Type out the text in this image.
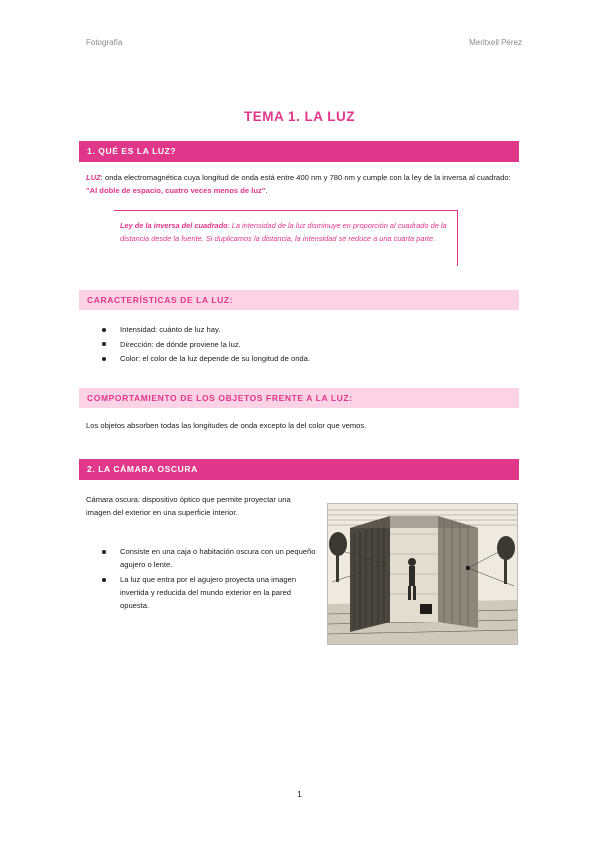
Fotografía	Meritxell Pérez
TEMA 1. LA LUZ
1. QUÉ ES LA LUZ?
LUZ: onda electromagnética cuya longitud de onda está entre 400 nm y 780 nm y cumple con la ley de la inversa al cuadrado: "Al doble de espacio, cuatro veces menos de luz".
Ley de la inversa del cuadrado: La intensidad de la luz disminuye en proporción al cuadrado de la distancia desde la fuente. Si duplicamos la distancia, la intensidad se reduce a una cuarta parte.
CARACTERÍSTICAS DE LA LUZ:
Intensidad: cuánto de luz hay.
Dirección: de dónde proviene la luz.
Color: el color de la luz depende de su longitud de onda.
COMPORTAMIENTO DE LOS OBJETOS FRENTE A LA LUZ:
Los objetos absorben todas las longitudes de onda excepto la del color que vemos.
2. LA CÁMARA OSCURA
Cámara oscura: dispositivo óptico que permite proyectar una imagen del exterior en una superficie interior.
Consiste en una caja o habitación oscura con un pequeño agujero o lente.
La luz que entra por el agujero proyecta una imagen invertida y reducida del mundo exterior en la pared opuesta.
1
